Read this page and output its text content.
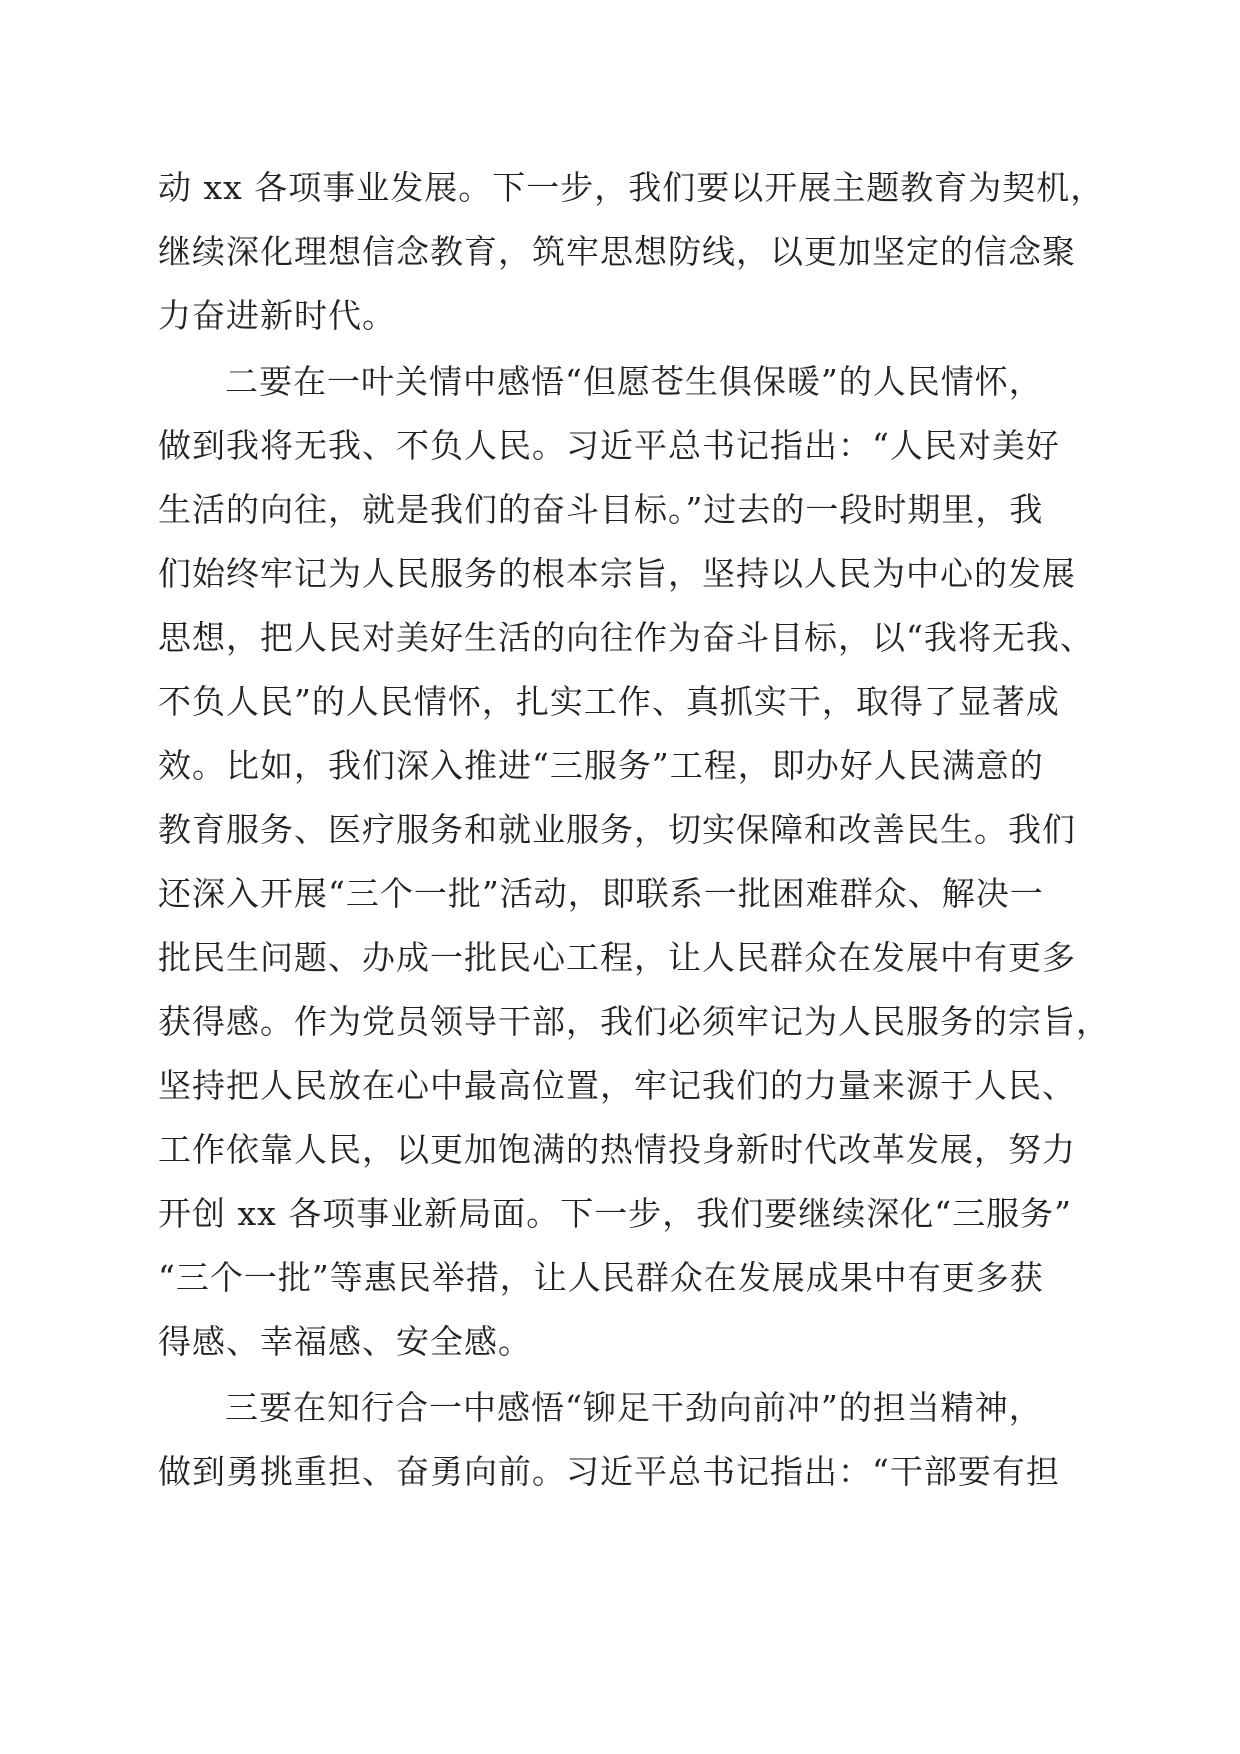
动 xx 各项事业发展。下一步，我们要以开展主题教育为契机，
继续深化理想信念教育，筑牢思想防线，以更加坚定的信念聚
力奋进新时代。
二要在一叶关情中感悟“但愿苍生俱保暖”的人民情怀，
做到我将无我、不负人民。习近平总书记指出：“人民对美好
生活的向往，就是我们的奋斗目标。”过去的一段时期里，我
们始终牢记为人民服务的根本宗旨，坚持以人民为中心的发展
思想，把人民对美好生活的向往作为奋斗目标，以“我将无我、
不负人民”的人民情怀，扎实工作、真抓实干，取得了显著成
效。比如，我们深入推进“三服务”工程，即办好人民满意的
教育服务、医疗服务和就业服务，切实保障和改善民生。我们
还深入开展“三个一批”活动，即联系一批困难群众、解决一
批民生问题、办成一批民心工程，让人民群众在发展中有更多
获得感。作为党员领导干部，我们必须牢记为人民服务的宗旨，
坚持把人民放在心中最高位置，牢记我们的力量来源于人民、
工作依靠人民，以更加饱满的热情投身新时代改革发展，努力
开创 xx 各项事业新局面。下一步，我们要继续深化“三服务”
“三个一批”等惠民举措，让人民群众在发展成果中有更多获
得感、幸福感、安全感。
三要在知行合一中感悟“铆足干劲向前冲”的担当精神，
做到勇挑重担、奋勇向前。习近平总书记指出：“干部要有担
